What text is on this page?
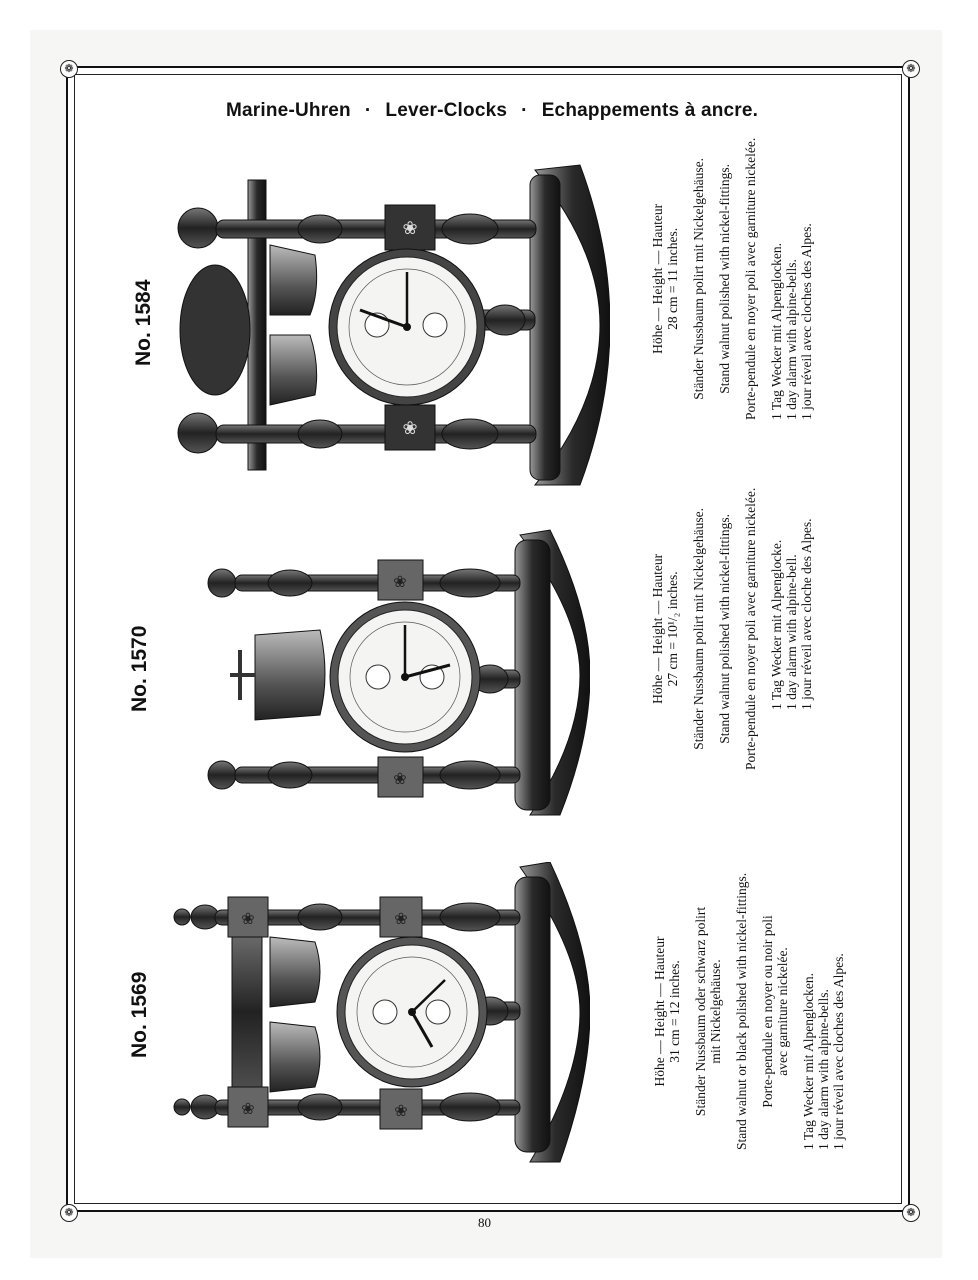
❁	❁
❁	❁
Marine-Uhren · Lever-Clocks · Echappements à ancre.
No. 1584
❀
❀
Höhe — Height — Hauteur 28 cm = 11 inches. Ständer Nussbaum polirt mit Nickelgehäuse. Stand walnut polished with nickel-fittings. Porte-pendule en noyer poli avec garniture nickelée. 1 Tag Wecker mit Alpenglocken. 1 day alarm with alpine-bells. 1 jour réveil avec cloches des Alpes.
No. 1570
❀
❀
Höhe — Height — Hauteur 27 cm = 10¹/₂ inches. Ständer Nussbaum polirt mit Nickelgehäuse. Stand walnut polished with nickel-fittings. Porte-pendule en noyer poli avec garniture nickelée. 1 Tag Wecker mit Alpenglocke. 1 day alarm with alpine-bell. 1 jour réveil avec cloche des Alpes.
No. 1569
❀
❀
❀
❀
Höhe — Height — Hauteur 31 cm = 12 inches. Ständer Nussbaum oder schwarz polirt mit Nickelgehäuse. Stand walnut or black polished with nickel-fittings. Porte-pendule en noyer ou noir poli avec garniture nickelée. 1 Tag Wecker mit Alpenglocken. 1 day alarm with alpine-bells. 1 jour réveil avec cloches des Alpes.
80
